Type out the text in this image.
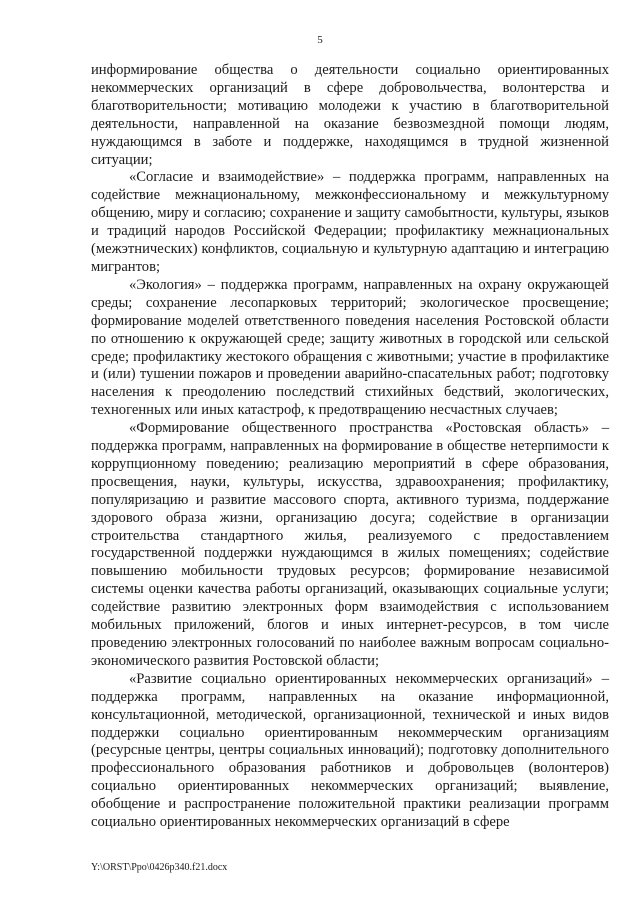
5

информирование общества о деятельности социально ориентированных некоммерческих организаций в сфере добровольчества, волонтерства и благотворительности; мотивацию молодежи к участию в благотворительной деятельности, направленной на оказание безвозмездной помощи людям, нуждающимся в заботе и поддержке, находящимся в трудной жизненной ситуации;

«Согласие и взаимодействие» – поддержка программ, направленных на содействие межнациональному, межконфессиональному и межкультурному общению, миру и согласию; сохранение и защиту самобытности, культуры, языков и традиций народов Российской Федерации; профилактику межнациональных (межэтнических) конфликтов, социальную и культурную адаптацию и интеграцию мигрантов;

«Экология» – поддержка программ, направленных на охрану окружающей среды; сохранение лесопарковых территорий; экологическое просвещение; формирование моделей ответственного поведения населения Ростовской области по отношению к окружающей среде; защиту животных в городской или сельской среде; профилактику жестокого обращения с животными; участие в профилактике и (или) тушении пожаров и проведении аварийно-спасательных работ; подготовку населения к преодолению последствий стихийных бедствий, экологических, техногенных или иных катастроф, к предотвращению несчастных случаев;

«Формирование общественного пространства «Ростовская область» – поддержка программ, направленных на формирование в обществе нетерпимости к коррупционному поведению; реализацию мероприятий в сфере образования, просвещения, науки, культуры, искусства, здравоохранения; профилактику, популяризацию и развитие массового спорта, активного туризма, поддержание здорового образа жизни, организацию досуга; содействие в организации строительства стандартного жилья, реализуемого с предоставлением государственной поддержки нуждающимся в жилых помещениях; содействие повышению мобильности трудовых ресурсов; формирование независимой системы оценки качества работы организаций, оказывающих социальные услуги; содействие развитию электронных форм взаимодействия с использованием мобильных приложений, блогов и иных интернет-ресурсов, в том числе проведению электронных голосований по наиболее важным вопросам социально-экономического развития Ростовской области;

«Развитие социально ориентированных некоммерческих организаций» – поддержка программ, направленных на оказание информационной, консультационной, методической, организационной, технической и иных видов поддержки социально ориентированным некоммерческим организациям (ресурсные центры, центры социальных инноваций); подготовку дополнительного профессионального образования работников и добровольцев (волонтеров) социально ориентированных некоммерческих организаций; выявление, обобщение и распространение положительной практики реализации программ социально ориентированных некоммерческих организаций в сфере

Y:\ORST\Ppo\0426p340.f21.docx
